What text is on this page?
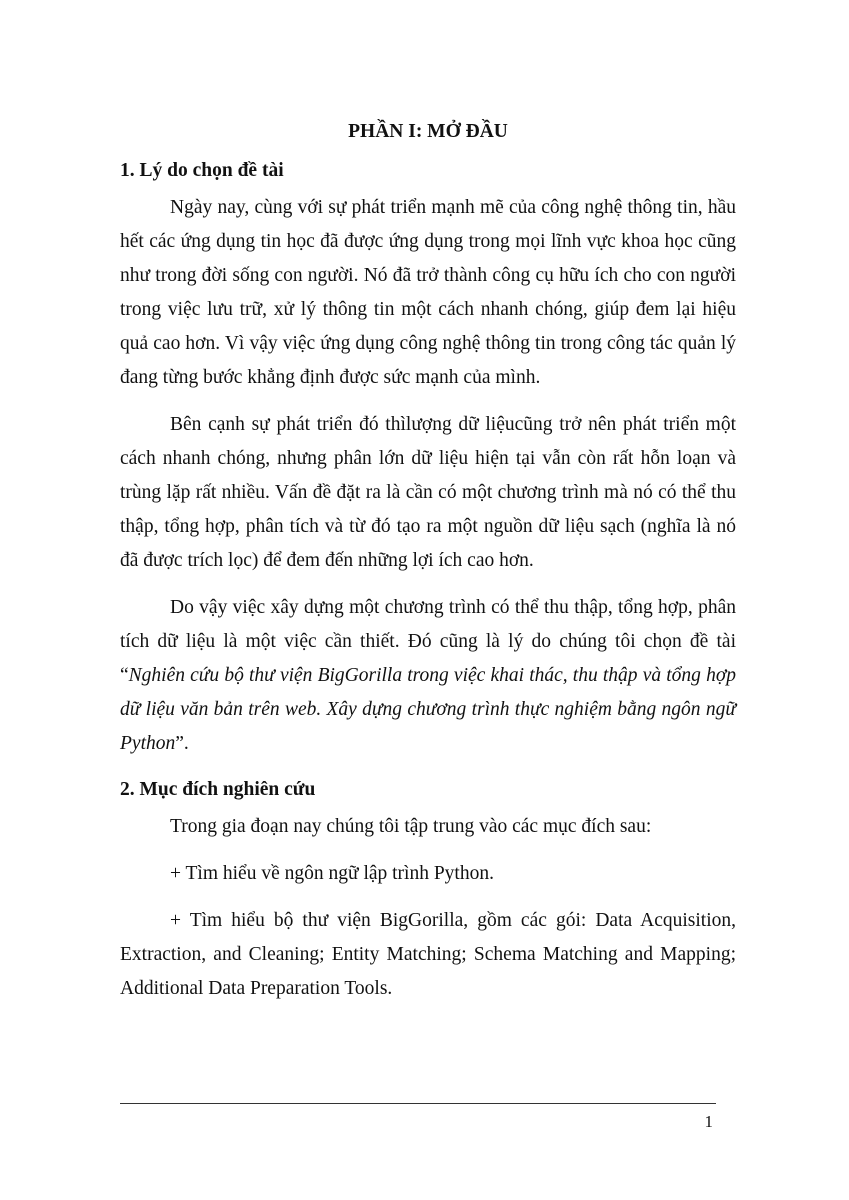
PHẦN I: MỞ ĐẦU
1. Lý do chọn đề tài

Ngày nay, cùng với sự phát triển mạnh mẽ của công nghệ thông tin, hầu hết các ứng dụng tin học đã được ứng dụng trong mọi lĩnh vực khoa học cũng như trong đời sống con người. Nó đã trở thành công cụ hữu ích cho con người trong việc lưu trữ, xử lý thông tin một cách nhanh chóng, giúp đem lại hiệu quả cao hơn. Vì vậy việc ứng dụng công nghệ thông tin trong công tác quản lý đang từng bước khẳng định được sức mạnh của mình.

Bên cạnh sự phát triển đó thìlượng dữ liệucũng trở nên phát triển một cách nhanh chóng, nhưng phân lớn dữ liệu hiện tại vẫn còn rất hỗn loạn và trùng lặp rất nhiều. Vấn đề đặt ra là cần có một chương trình mà nó có thể thu thập, tổng hợp, phân tích và từ đó tạo ra một nguồn dữ liệu sạch (nghĩa là nó đã được trích lọc) để đem đến những lợi ích cao hơn.

Do vậy việc xây dựng một chương trình có thể thu thập, tổng hợp, phân tích dữ liệu là một việc cần thiết. Đó cũng là lý do chúng tôi chọn đề tài “Nghiên cứu bộ thư viện BigGorilla trong việc khai thác, thu thập và tổng hợp dữ liệu văn bản trên web. Xây dựng chương trình thực nghiệm bằng ngôn ngữ Python”.

2. Mục đích nghiên cứu

Trong gia đoạn nay chúng tôi tập trung vào các mục đích sau:

+ Tìm hiểu về ngôn ngữ lập trình Python.

+ Tìm hiểu bộ thư viện BigGorilla, gồm các gói: Data Acquisition, Extraction, and Cleaning; Entity Matching; Schema Matching and Mapping; Additional Data Preparation Tools.

1
